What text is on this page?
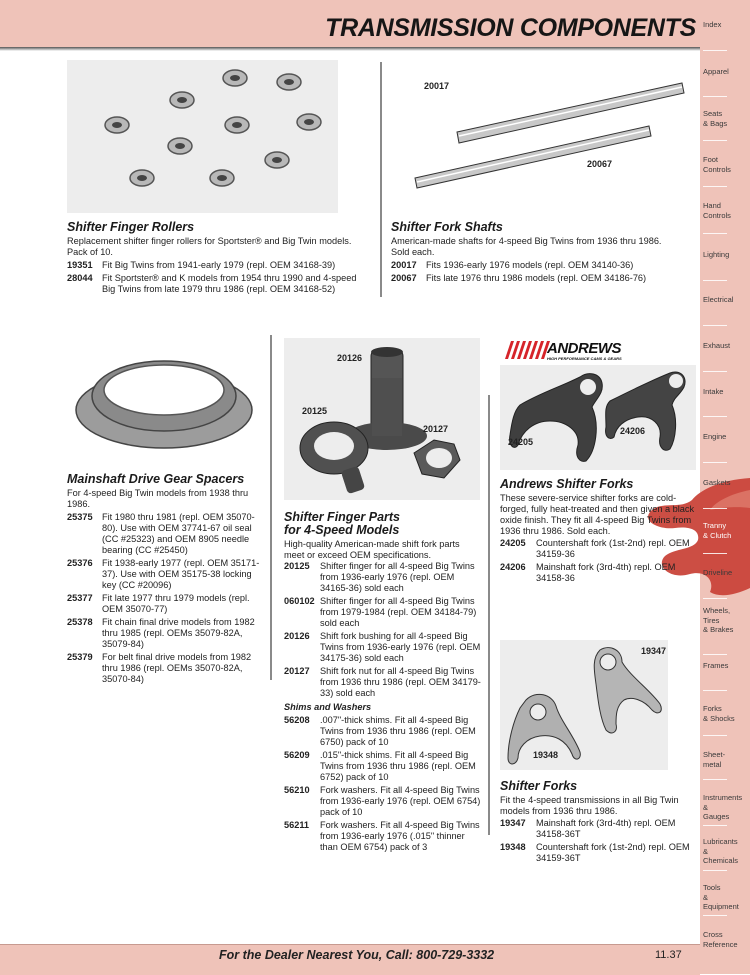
TRANSMISSION COMPONENTS Index
Apparel
Seats
& Bags
Foot
Controls
Hand
Controls
Lighting
Electrical
Exhaust
Intake
Engine
Gaskets
Tranny
& Clutch
Driveline
Wheels,
Tires
& Brakes
Frames
Forks
& Shocks
Sheet-
metal
Instruments
&
Gauges
Lubricants
&
Chemicals
Tools
&
Equipment
Cross
Reference
Shifter Finger Rollers
Replacement shifter finger rollers for Sportster® and Big Twin models. Pack of 10.
19351	Fit Big Twins from 1941-early 1979 (repl. OEM 34168-39)
28044	Fit Sportster® and K models from 1954 thru 1990 and 4-speed Big Twins from late 1979 thru 1986 (repl. OEM 34168-52)
20017
20067
Shifter Fork Shafts
American-made shafts for 4-speed Big Twins from 1936 thru 1986. Sold each.
20017	Fits 1936-early 1976 models (repl. OEM 34140-36)
20067	Fits late 1976 thru 1986 models (repl. OEM 34186-76)
Mainshaft Drive Gear Spacers
For 4-speed Big Twin models from 1938 thru 1986.
25375	Fit 1980 thru 1981 (repl. OEM 35070-80). Use with OEM 37741-67 oil seal (CC #25323) and OEM 8905 needle bearing (CC #25450)
25376	Fit 1938-early 1977 (repl. OEM 35171-37). Use with OEM 35175-38 locking key (CC #20096)
25377	Fit late 1977 thru 1979 models (repl. OEM 35070-77)
25378	Fit chain final drive models from 1982 thru 1985 (repl. OEMs 35079-82A, 35079-84)
25379	For belt final drive models from 1982 thru 1986 (repl. OEMs 35070-82A, 35070-84)
20126
20125
20127
Shifter Finger Parts
for 4-Speed Models
High-quality American-made shift fork parts meet or exceed OEM specifications.
20125	Shifter finger for all 4-speed Big Twins from 1936-early 1976 (repl. OEM 34165-36) sold each
060102 Shifter finger for all 4-speed Big Twins from 1979-1984 (repl. OEM 34184-79) sold each
20126	Shift fork bushing for all 4-speed Big Twins from 1936-early 1976 (repl. OEM 34175-36) sold each
20127	Shift fork nut for all 4-speed Big Twins from 1936 thru 1986 (repl. OEM 34179-33) sold each
Shims and Washers
56208	.007"-thick shims. Fit all 4-speed Big Twins from 1936 thru 1986 (repl. OEM 6750) pack of 10
56209	.015"-thick shims. Fit all 4-speed Big Twins from 1936 thru 1986 (repl. OEM 6752) pack of 10
56210	Fork washers. Fit all 4-speed Big Twins from 1936-early 1976 (repl. OEM 6754) pack of 10
56211	Fork washers. Fit all 4-speed Big Twins from 1936-early 1976 (.015" thinner than OEM 6754) pack of 3
ANDREWS
HIGH PERFORMANCE CAMS & GEARS
24205
24206
Andrews Shifter Forks
These severe-service shifter forks are cold-forged, fully heat-treated and then given a black oxide finish. They fit all 4-speed Big Twins from 1936 thru 1986. Sold each.
24205	Countershaft fork (1st-2nd) repl. OEM 34159-36
24206	Mainshaft fork (3rd-4th) repl. OEM 34158-36
19347
19348
Shifter Forks
Fit the 4-speed transmissions in all Big Twin models from 1936 thru 1986.
19347	Mainshaft fork (3rd-4th) repl. OEM 34158-36T
19348	Countershaft fork (1st-2nd) repl. OEM 34159-36T
For the Dealer Nearest You, Call: 800-729-3332	11.37
